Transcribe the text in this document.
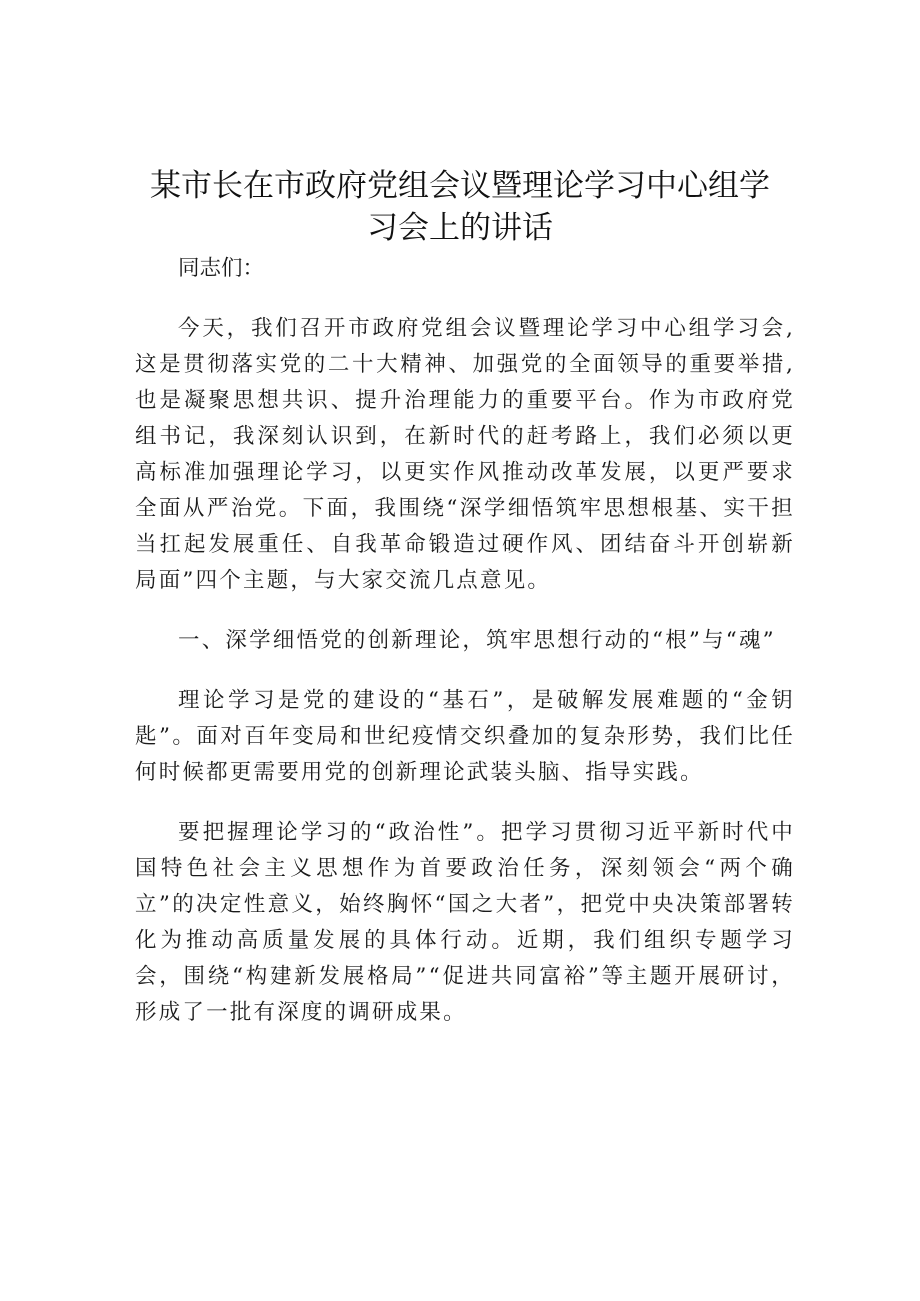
某市长在市政府党组会议暨理论学习中心组学习会上的讲话

同志们：

今天，我们召开市政府党组会议暨理论学习中心组学习会,这是贯彻落实党的二十大精神、加强党的全面领导的重要举措,也是凝聚思想共识、提升治理能力的重要平台。作为市政府党组书记，我深刻认识到，在新时代的赶考路上，我们必须以更高标准加强理论学习，以更实作风推动改革发展，以更严要求全面从严治党。下面，我围绕“深学细悟筑牢思想根基、实干担当扛起发展重任、自我革命锻造过硬作风、团结奋斗开创崭新局面”四个主题，与大家交流几点意见。

一、深学细悟党的创新理论，筑牢思想行动的“根”与“魂”

理论学习是党的建设的“基石”，是破解发展难题的“金钥匙”。面对百年变局和世纪疫情交织叠加的复杂形势，我们比任何时候都更需要用党的创新理论武装头脑、指导实践。

要把握理论学习的“政治性”。把学习贯彻习近平新时代中国特色社会主义思想作为首要政治任务，深刻领会“两个确立”的决定性意义，始终胸怀“国之大者”，把党中央决策部署转化为推动高质量发展的具体行动。近期，我们组织专题学习会，围绕“构建新发展格局”“促进共同富裕”等主题开展研讨，形成了一批有深度的调研成果。
